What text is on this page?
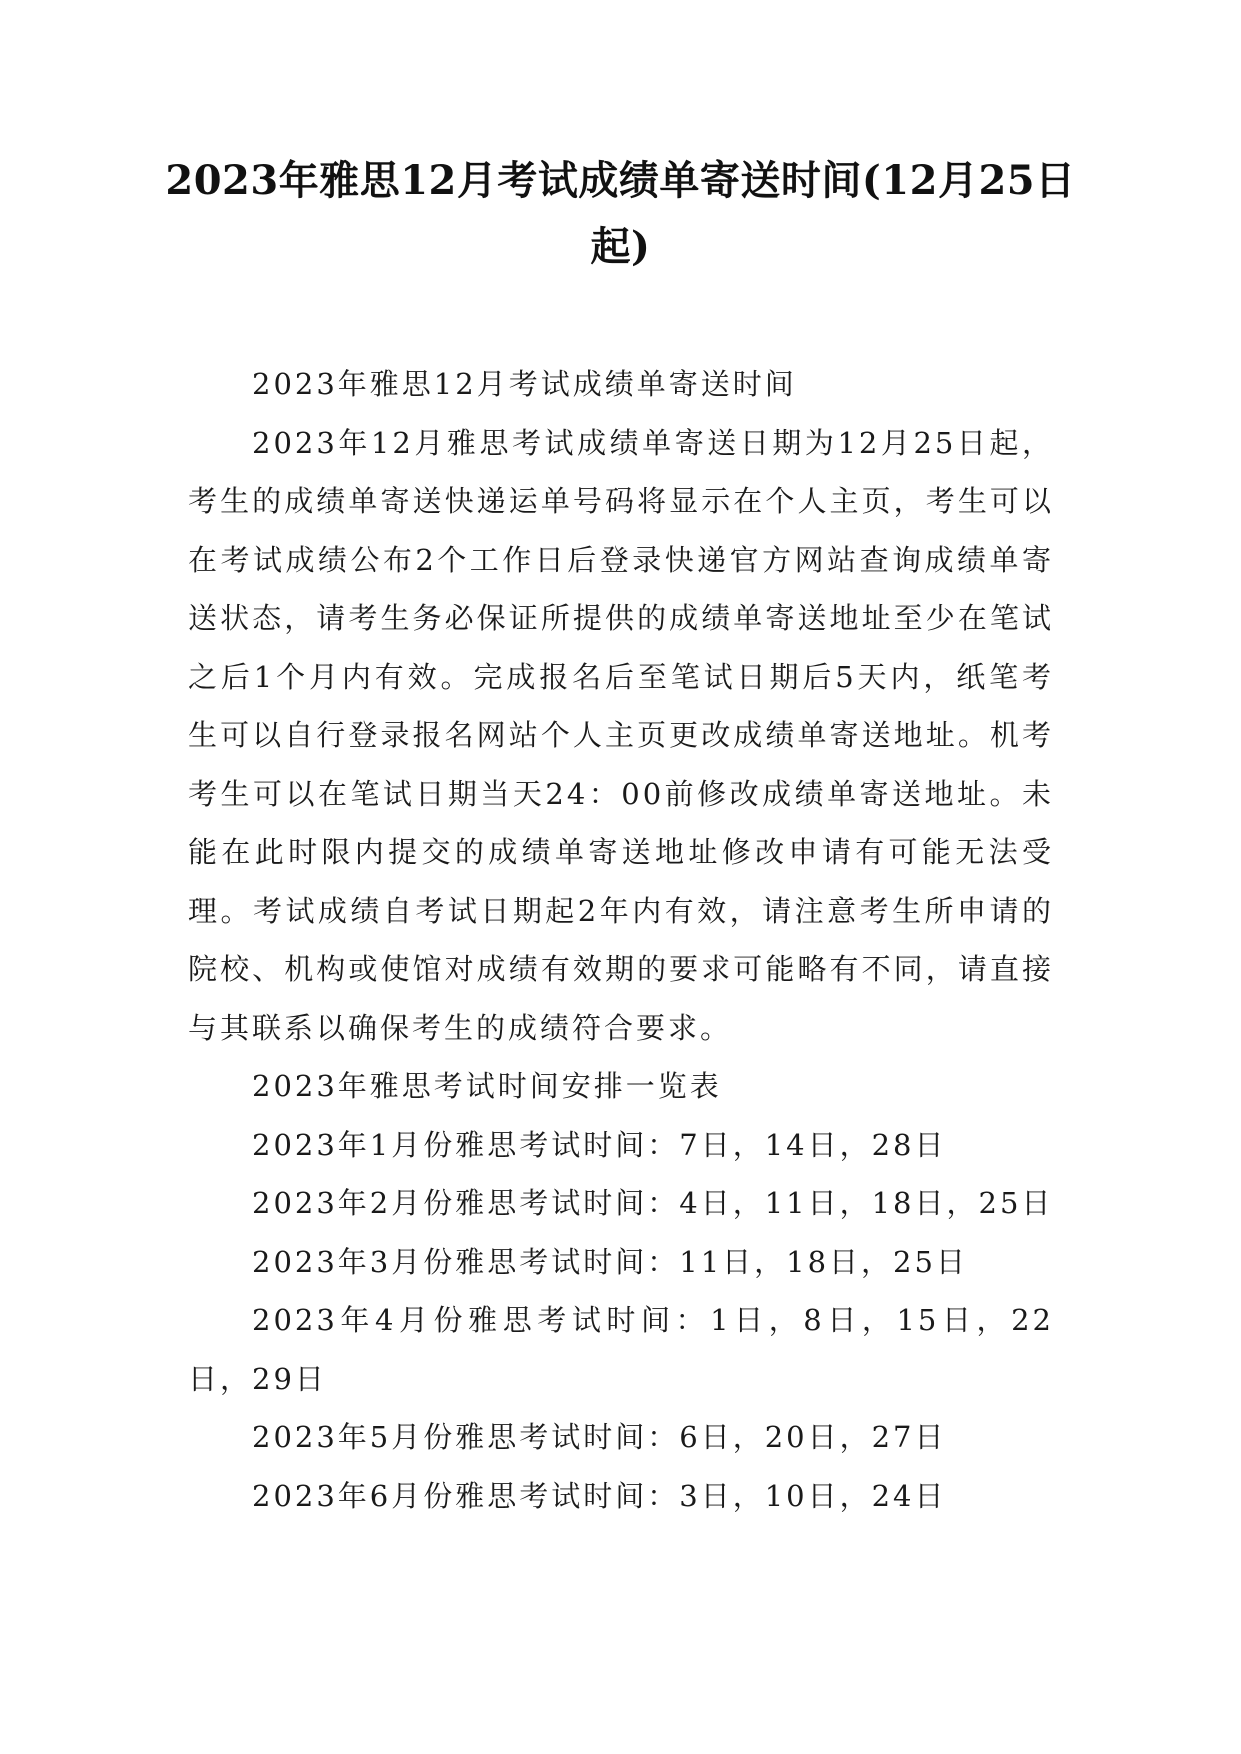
2023年雅思12月考试成绩单寄送时间(12月25日起)

2023年雅思12月考试成绩单寄送时间

2023年12月雅思考试成绩单寄送日期为12月25日起，考生的成绩单寄送快递运单号码将显示在个人主页，考生可以在考试成绩公布2个工作日后登录快递官方网站查询成绩单寄送状态，请考生务必保证所提供的成绩单寄送地址至少在笔试之后1个月内有效。完成报名后至笔试日期后5天内，纸笔考生可以自行登录报名网站个人主页更改成绩单寄送地址。机考考生可以在笔试日期当天24：00前修改成绩单寄送地址。未能在此时限内提交的成绩单寄送地址修改申请有可能无法受理。考试成绩自考试日期起2年内有效，请注意考生所申请的院校、机构或使馆对成绩有效期的要求可能略有不同，请直接与其联系以确保考生的成绩符合要求。

2023年雅思考试时间安排一览表

2023年1月份雅思考试时间：7日，14日，28日

2023年2月份雅思考试时间：4日，11日，18日，25日

2023年3月份雅思考试时间：11日，18日，25日

2023年4月份雅思考试时间：1日，8日，15日，22日，29日

2023年5月份雅思考试时间：6日，20日，27日

2023年6月份雅思考试时间：3日，10日，24日
